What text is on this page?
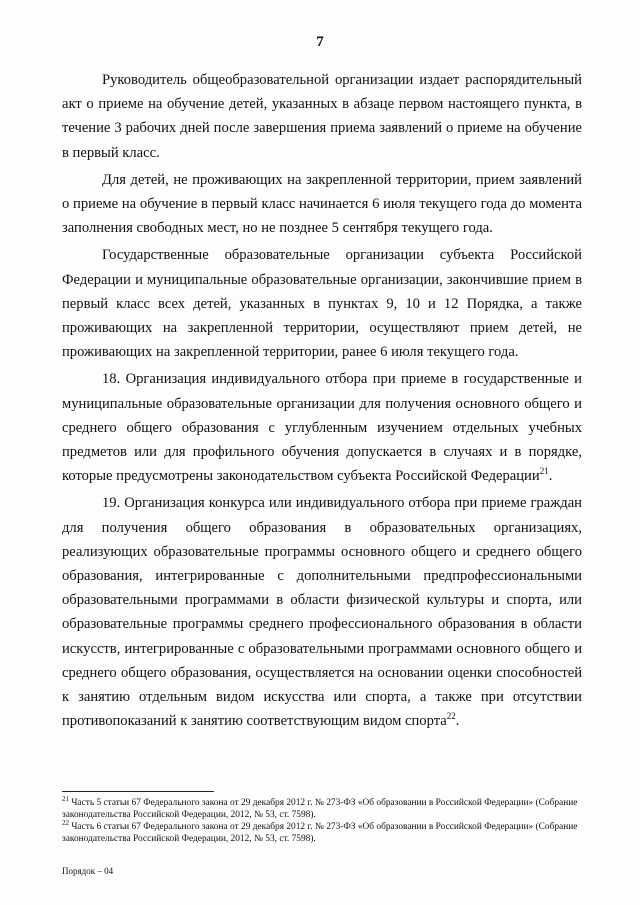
7

Руководитель общеобразовательной организации издает распорядительный акт о приеме на обучение детей, указанных в абзаце первом настоящего пункта, в течение 3 рабочих дней после завершения приема заявлений о приеме на обучение в первый класс.

Для детей, не проживающих на закрепленной территории, прием заявлений о приеме на обучение в первый класс начинается 6 июля текущего года до момента заполнения свободных мест, но не позднее 5 сентября текущего года.

Государственные образовательные организации субъекта Российской Федерации и муниципальные образовательные организации, закончившие прием в первый класс всех детей, указанных в пунктах 9, 10 и 12 Порядка, а также проживающих на закрепленной территории, осуществляют прием детей, не проживающих на закрепленной территории, ранее 6 июля текущего года.

18. Организация индивидуального отбора при приеме в государственные и муниципальные образовательные организации для получения основного общего и среднего общего образования с углубленным изучением отдельных учебных предметов или для профильного обучения допускается в случаях и в порядке, которые предусмотрены законодательством субъекта Российской Федерации$^{21}$.

19. Организация конкурса или индивидуального отбора при приеме граждан для получения общего образования в образовательных организациях, реализующих образовательные программы основного общего и среднего общего образования, интегрированные с дополнительными предпрофессиональными образовательными программами в области физической культуры и спорта, или образовательные программы среднего профессионального образования в области искусств, интегрированные с образовательными программами основного общего и среднего общего образования, осуществляется на основании оценки способностей к занятию отдельным видом искусства или спорта, а также при отсутствии противопоказаний к занятию соответствующим видом спорта$^{22}$.

$^{21}$ Часть 5 статьи 67 Федерального закона от 29 декабря 2012 г. № 273-ФЗ «Об образовании в Российской Федерации» (Собрание законодательства Российской Федерации, 2012, № 53, ст. 7598).

$^{22}$ Часть 6 статьи 67 Федерального закона от 29 декабря 2012 г. № 273-ФЗ «Об образовании в Российской Федерации» (Собрание законодательства Российской Федерации, 2012, № 53, ст. 7598).

Порядок – 04
